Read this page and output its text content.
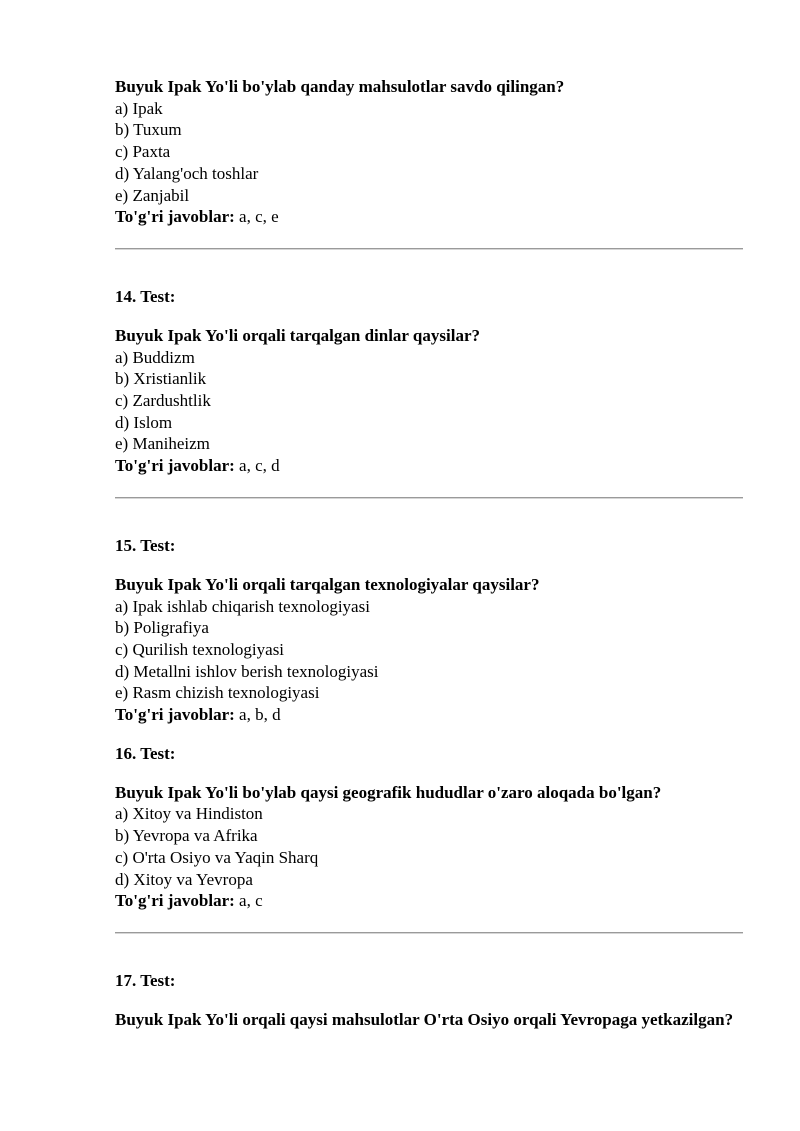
Buyuk Ipak Yo'li bo'ylab qanday mahsulotlar savdo qilingan?

a) Ipak

b) Tuxum

c) Paxta

d) Yalang'och toshlar

e) Zanjabil

To'g'ri javoblar: a, c, e

14. Test:

Buyuk Ipak Yo'li orqali tarqalgan dinlar qaysilar?

a) Buddizm

b) Xristianlik

c) Zardushtlik

d) Islom

e) Maniheizm

To'g'ri javoblar: a, c, d

15. Test:

Buyuk Ipak Yo'li orqali tarqalgan texnologiyalar qaysilar?

a) Ipak ishlab chiqarish texnologiyasi

b) Poligrafiya

c) Qurilish texnologiyasi

d) Metallni ishlov berish texnologiyasi

e) Rasm chizish texnologiyasi

To'g'ri javoblar: a, b, d

16. Test:

Buyuk Ipak Yo'li bo'ylab qaysi geografik hududlar o'zaro aloqada bo'lgan?

a) Xitoy va Hindiston

b) Yevropa va Afrika

c) O'rta Osiyo va Yaqin Sharq

d) Xitoy va Yevropa

To'g'ri javoblar: a, c

17. Test:

Buyuk Ipak Yo'li orqali qaysi mahsulotlar O'rta Osiyo orqali Yevropaga yetkazilgan?
